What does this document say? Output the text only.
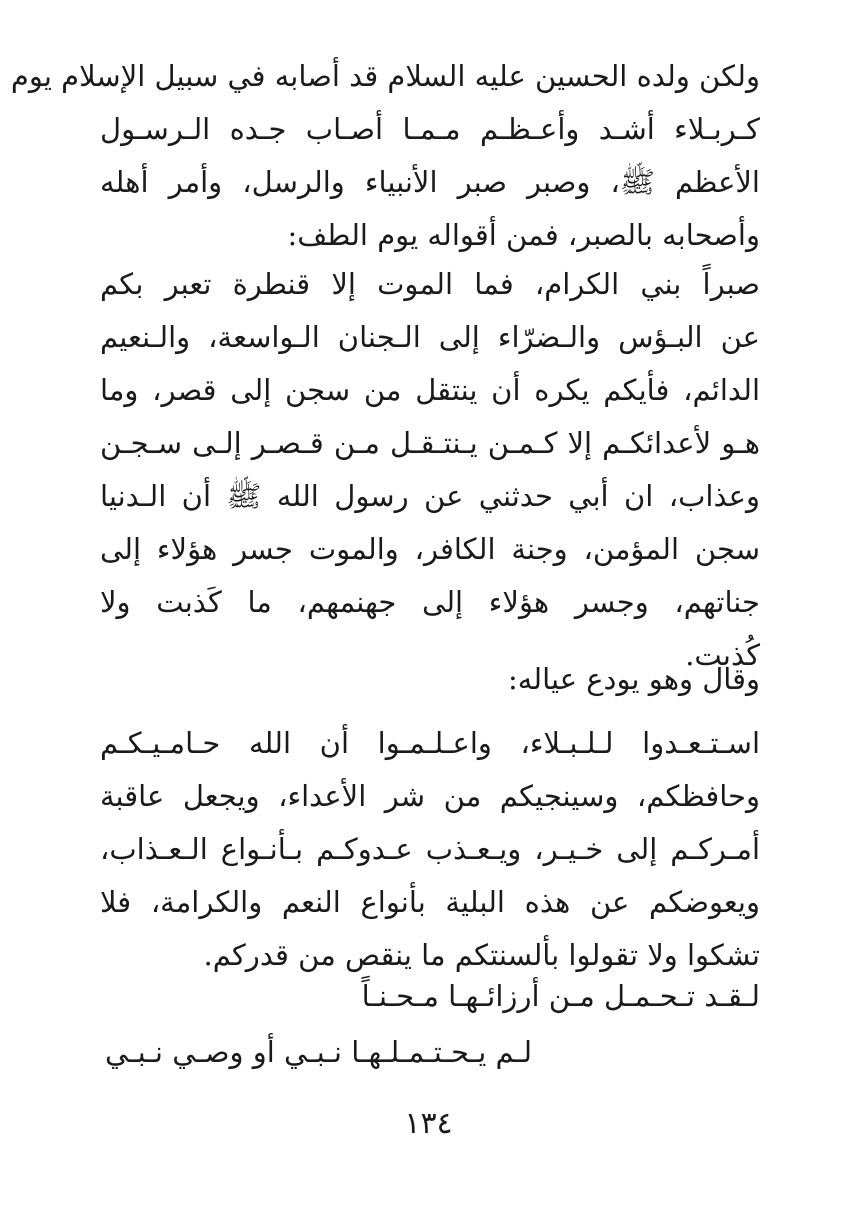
ولكن ولده الحسين عليه السلام قد أصابه في سبيل الإسلام يوم
كـربـلاء أشـد وأعـظـم مـمـا أصـاب جـده الـرسـول
الأعظم ﷺ، وصبر صبر الأنبياء والرسل، وأمر أهله
وأصحابه بالصبر، فمن أقواله يوم الطف:
صبراً بني الكرام، فما الموت إلا قنطرة تعبر بكم
عن البـؤس والـضرّاء إلى الـجنان الـواسعة، والـنعيم
الدائم، فأيكم يكره أن ينتقل من سجن إلى قصر، وما
هـو لأعدائكـم إلا كـمـن يـنتـقـل مـن قـصـر إلـى سـجـن
وعذاب، ان أبي حدثني عن رسول الله ﷺ أن الـدنيا
سجن المؤمن، وجنة الكافر، والموت جسر هؤلاء إلى
جناتهم، وجسر هؤلاء إلى جهنمهم، ما كَذبت ولا
كُذبت.
وقال وهو يودع عياله:
اسـتـعـدوا لـلـبـلاء، واعـلـمـوا أن الله حـامـيـكـم
وحافظكم، وسينجيكم من شر الأعداء، ويجعل عاقبة
أمـركـم إلى خـيـر، ويـعـذب عـدوكـم بـأنـواع الـعـذاب،
ويعوضكم عن هذه البلية بأنواع النعم والكرامة، فلا
تشكوا ولا تقولوا بألسنتكم ما ينقص من قدركم.
لـقـد تـحـمـل مـن أرزائـهـا مـحـنـاً
لـم يـحـتـمـلـهـا نـبـي أو وصـي نـبـي
١٣٤
